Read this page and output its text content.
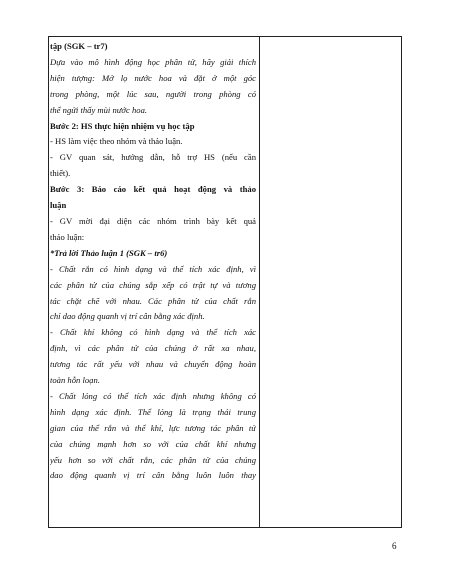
tập (SGK – tr7)
Dựa vào mô hình động học phân tử, hãy giải thích
hiện tượng: Mở lọ nước hoa và đặt ở một góc
trong phòng, một lúc sau, người trong phòng có
thể ngửi thấy mùi nước hoa.
Bước 2: HS thực hiện nhiệm vụ học tập
- HS làm việc theo nhóm và thảo luận.
- GV quan sát, hướng dẫn, hỗ trợ HS (nếu cần
thiết).
Bước 3: Báo cáo kết quả hoạt động và thảo
luận
- GV mời đại diện các nhóm trình bày kết quả
thảo luận:
*Trả lời Thảo luận 1 (SGK – tr6)
- Chất rắn có hình dạng và thể tích xác định, vì
các phân tử của chúng sắp xếp có trật tự và tương
tác chặt chẽ với nhau. Các phân tử của chất rắn
chỉ dao động quanh vị trí cân bằng xác định.
- Chất khí không có hình dạng và thể tích xác
định, vì các phân tử của chúng ở rất xa nhau,
tương tác rất yếu với nhau và chuyển động hoàn
toàn hỗn loạn.
- Chất lỏng có thể tích xác định nhưng không có
hình dạng xác định. Thể lỏng là trạng thái trung
gian của thể rắn và thể khí, lực tương tác phân tử
của chúng mạnh hơn so với của chất khí nhưng
yếu hơn so với chất rắn, các phân tử của chúng
dao động quanh vị trí cân bằng luôn luôn thay
6
